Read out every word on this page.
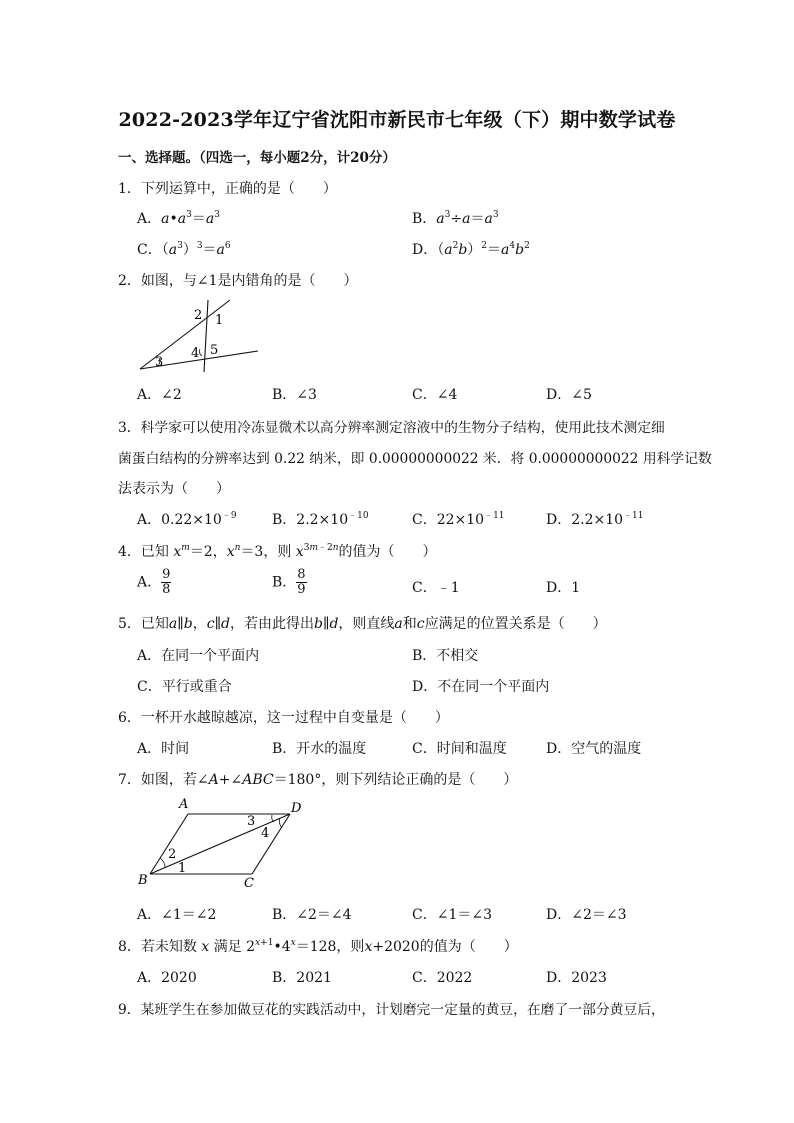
2022-2023学年辽宁省沈阳市新民市七年级（下）期中数学试卷
一、选择题。（四选一，每小题2分，计20分）
1．下列运算中，正确的是（　　）
A．$a•a^3=a^3$	B．$a^3\div a=a^3$
C．$(a^3)^3=a^6$	D．$(a^2b)^2=a^4b^2$
2．如图，与∠1是内错角的是（　　）
2 1
4 5
3
A．∠2	B．∠3	C．∠4	D．∠5
3．科学家可以使用冷冻显微术以高分辨率测定溶液中的生物分子结构，使用此技术测定细
菌蛋白结构的分辨率达到 0.22 纳米，即 0.00000000022 米．将 0.00000000022 用科学记数
法表示为（　　）
A．$0.22\times 10^{﹣9}$	B．$2.2\times 10^{﹣10}$	C．$22\times 10^{﹣11}$	D．$2.2\times 10^{﹣11}$
4．已知 $x^m=2$，$x^n=3$，则 $x^{3m﹣2n}$的值为（　　）
A． $\frac{9}{8}$	B． $\frac{8}{9}$	C．﹣1	D．1
5．已知a∥b，c∥d，若由此得出b∥d，则直线a和c应满足的位置关系是（　　）
A．在同一个平面内	B．不相交
C．平行或重合	D．不在同一个平面内
6．一杯开水越晾越凉，这一过程中自变量是（　　）
A．时间	B．开水的温度	C．时间和温度	D．空气的温度
7．如图，若∠A+∠ABC＝180°，则下列结论正确的是（　　）
A	D
3
4
2
1
B	C
A．∠1＝∠2	B．∠2＝∠4	C．∠1＝∠3	D．∠2＝∠3
8．若未知数 x 满足 $2^{x+1}•4^x=128$，则x+2020的值为（　　）
A．2020	B．2021	C．2022	D．2023
9．某班学生在参加做豆花的实践活动中，计划磨完一定量的黄豆，在磨了一部分黄豆后，
